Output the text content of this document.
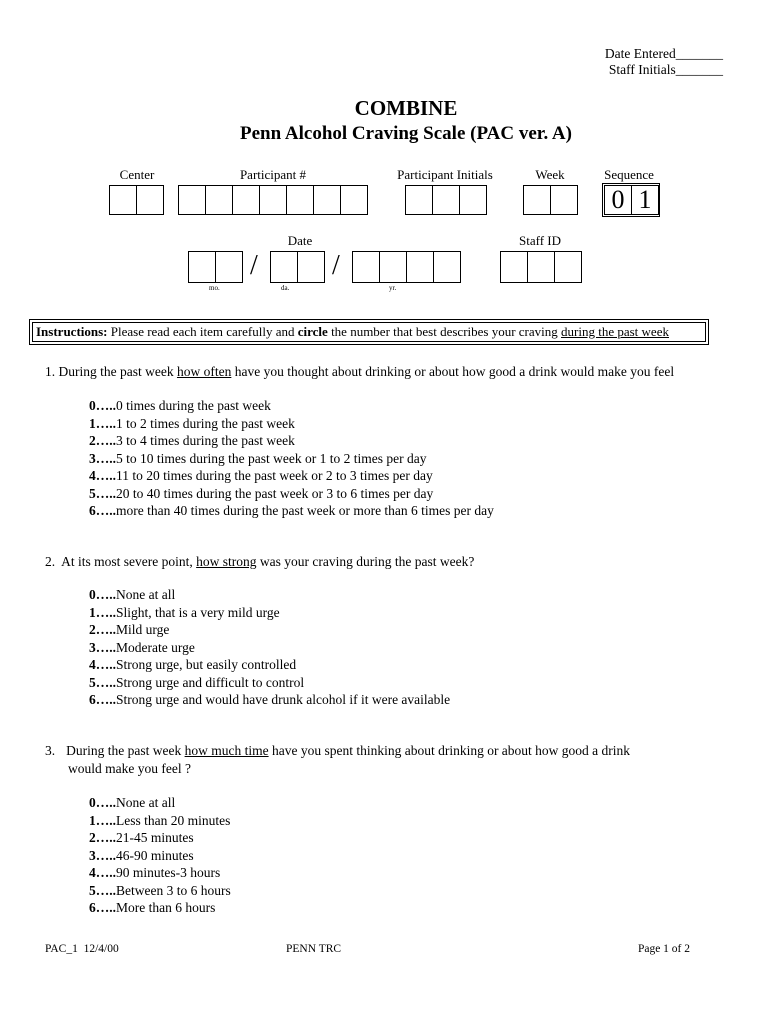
Date Entered_______
Staff Initials_______
COMBINE
Penn Alcohol Craving Scale (PAC ver. A)
Center	Participant #	Participant Initials	Week	Sequence
0 1
Date	Staff ID
/	/
mo.	da.	yr.
Instructions: Please read each item carefully and circle the number that best describes your craving during the past week
1. During the past week how often have you thought about drinking or about how good a drink would make you feel
0…..0 times during the past week
1…..1 to 2 times during the past week
2…..3 to 4 times during the past week
3…..5 to 10 times during the past week or 1 to 2 times per day
4…..11 to 20 times during the past week or 2 to 3 times per day
5…..20 to 40 times during the past week or 3 to 6 times per day
6…..more than 40 times during the past week or more than 6 times per day
2.  At its most severe point, how strong was your craving during the past week?
0…..None at all
1…..Slight, that is a very mild urge
2…..Mild urge
3…..Moderate urge
4…..Strong urge, but easily controlled
5…..Strong urge and difficult to control
6…..Strong urge and would have drunk alcohol if it were available
3. During the past week how much time have you spent thinking about drinking or about how good a drink
would make you feel ?
0…..None at all
1…..Less than 20 minutes
2…..21-45 minutes
3…..46-90 minutes
4…..90 minutes-3 hours
5…..Between 3 to 6 hours
6…..More than 6 hours
PAC_1  12/4/00	PENN TRC	Page 1 of 2
